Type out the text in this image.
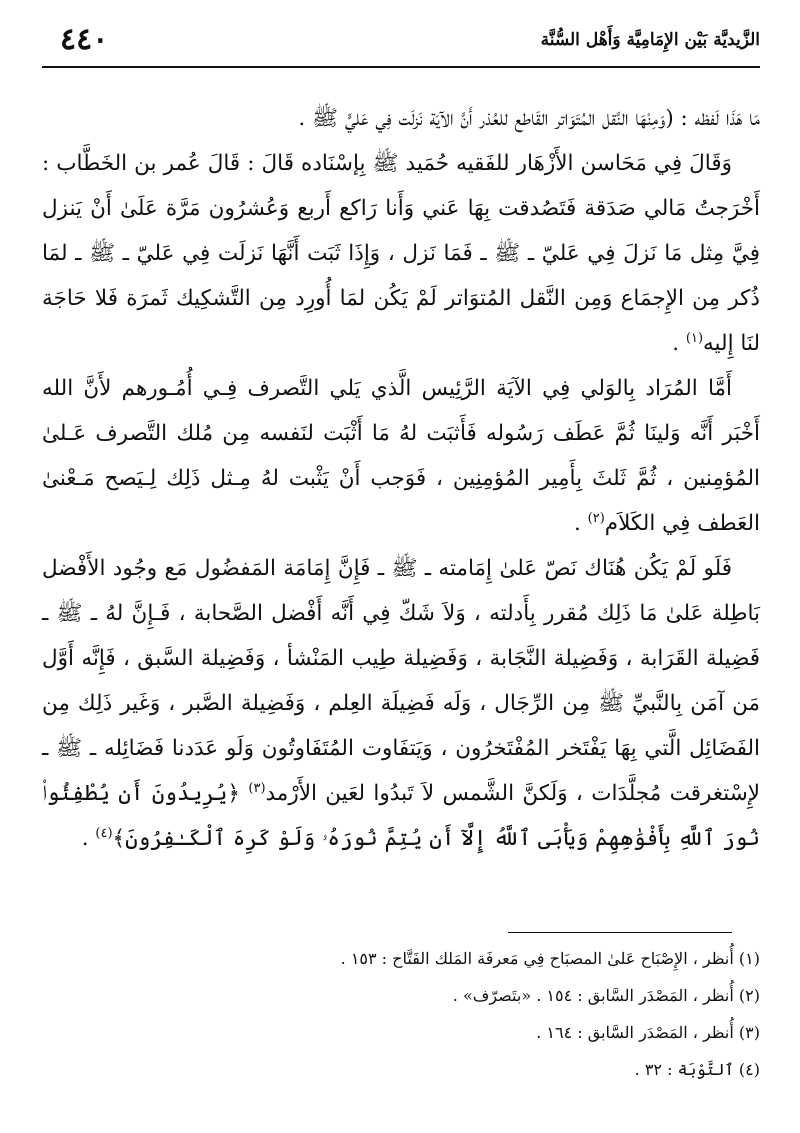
الزَّيديَّة بَيْن الإِمَامِيَّة وَأَهْل السُّنَّة
٤٤٠

مَا هَذَا لَفظه : (وَمِنْهَا النَّقل المُتَوَاتر القَاطع للعُذر أَنَّ الآيَة نَزلَت فِي عَليٍّ ﷺ .

وَقَالَ فِي مَحَاسن الأَزْهَار للفَقيه حُمَيد ﷺ بِإسْنَاده قَالَ : قَالَ عُمر بن الخَطَّاب : أَخْرَجتُ مَالي صَدَقة فَتَصُدقت بِهَا عَني وَأَنا رَاكع أَربع وَعُشرُون مَرَّة عَلَىٰ أَنْ يَنزل فِيَّ مِثل مَا نَزلَ فِي عَليّ ـ ﷺ ـ فَمَا نَزل ، وَإِذَا ثَبَت أَنَّهَا نَزلَت فِي عَليّ ـ ﷺ ـ لمَا ذُكر مِن الإِجمَاع وَمِن النَّقل المُتوَاتر لَمْ يَكُن لمَا أُورِد مِن التَّشكِيك ثَمرَة فَلا حَاجَة لنَا إِليه$^{(١)}$ .

أَمَّا المُرَاد بِالوَلي فِي الآيَة الرَّئِيس الَّذي يَلي التَّصرف فِـي أُمُـورهم لأَنَّ الله أَخْبَر أَنَّه وَلينَا ثُمَّ عَطَف رَسُوله فَأَثبَت لهُ مَا أَثْبَت لنَفسه مِن مُلك التَّصرف عَـلىٰ المُؤمِنين ، ثُمَّ ثَلثَ بِأَمِير المُؤمِنِين ، فَوَجب أَنْ يَثْبت لهُ مِـثل ذَلِك لِـيَصح مَـعْنىٰ العَطف فِي الكَلاَم$^{(٢)}$ .

فَلَو لَمْ يَكُن هُنَاك نَصّ عَلىٰ إِمَامته ـ ﷺ ـ فَإِنَّ إِمَامَة المَفضُول مَع وجُود الأَفْضل بَاطِلة عَلىٰ مَا ذَلِك مُقرر بِأَدلته ، وَلاَ شَكّ فِي أَنَّه أَفْضل الصَّحابة ، فَـإِنَّ لهُ ـ ﷺ ـ فَضِيلة القَرَابة ، وَفَضِيلة النَّجَابة ، وَفَضِيلة طِيب المَنْشأ ، وَفَضِيلة السَّبق ، فَإِنَّه أَوَّل مَن آمَن بِالنَّبيِّ ﷺ مِن الرِّجَال ، وَلَه فَضِيلَة العِلم ، وَفَضِيلة الصَّبر ، وَغَير ذَلِك مِن الفَضَائِل الَّتي بِهَا يَفْتَخر المُفْتَخرُون ، وَيَتفَاوت المُتَفَاوتُون وَلَو عَدَدنا فَضَائِله ـ ﷺ ـ لإِسْتغرقت مُجلَّدَات ، وَلَكنَّ الشَّمس لاَ تَبدُوا لعَين الأَرْمد$^{(٣)}$ ﴿يُرِيدُونَ أَن يُطْفِئُوا۟ نُورَ ٱللَّهِ بِأَفْوَٰهِهِمْ وَيَأْبَى ٱللَّهُ إِلَّآ أَن يُتِمَّ نُورَهُۥ وَلَوْ كَرِهَ ٱلْكَـٰفِرُونَ﴾$^{(٤)}$ .

(١) أُنظر ، الإِصْبَاح عَلىٰ المصبَاح فِي مَعرفَة المَلك الفَتَّاح : ١٥٣ .
(٢) أُنظر ، المَصْدَر السَّابق : ١٥٤ . «بتَصرّف» .
(٣) أُنظر ، المَصْدَر السَّابق : ١٦٤ .
(٤) ٱلتَّوْبَة : ٣٢ .
